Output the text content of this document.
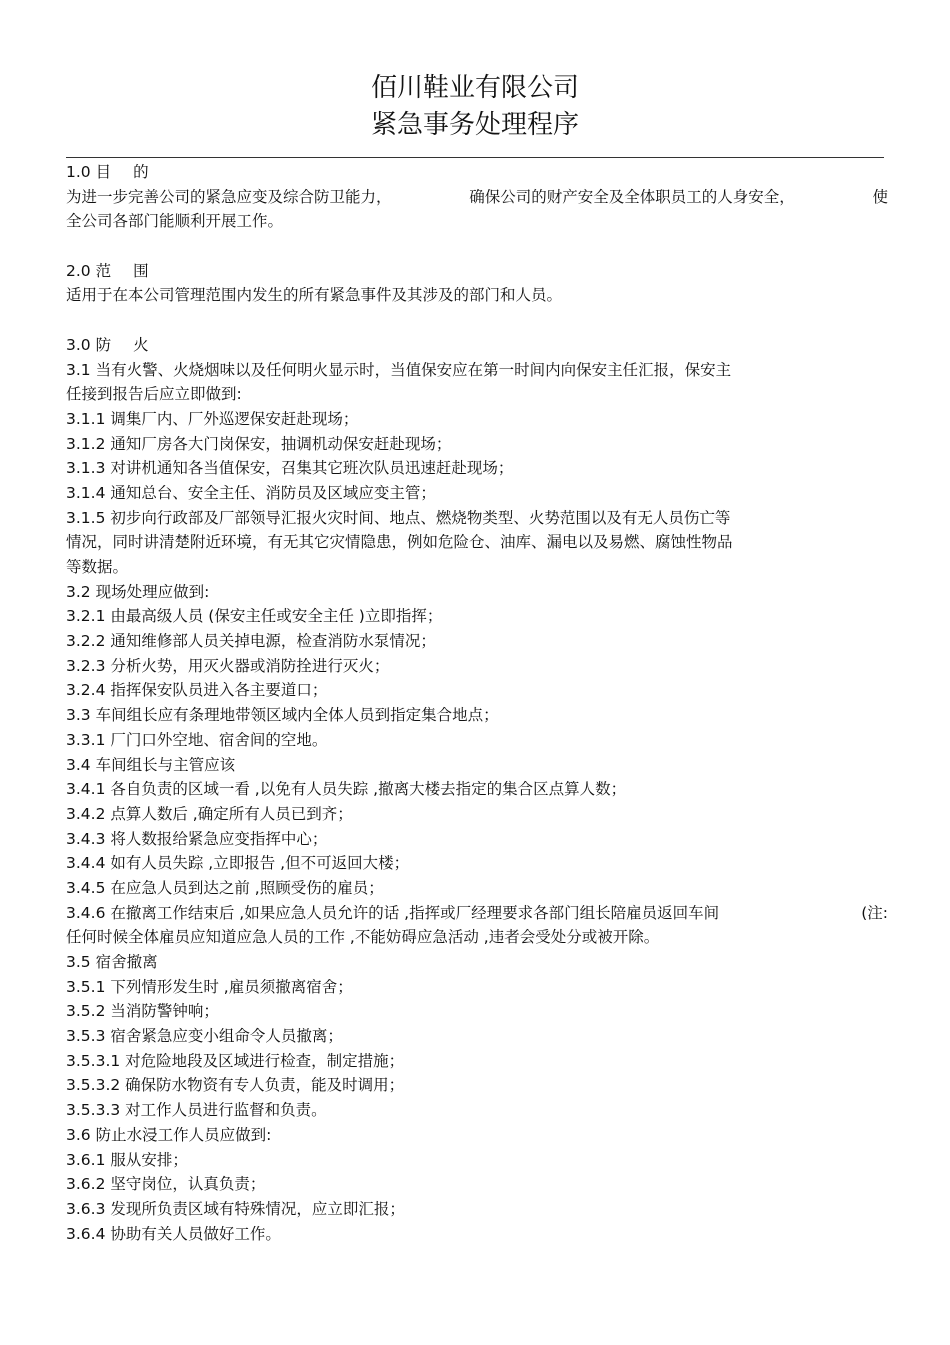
佰川鞋业有限公司
紧急事务处理程序
1.0 目 的
为进一步完善公司的紧急应变及综合防卫能力，	确保公司的财产安全及全体职员工的人身安全，	使
全公司各部门能顺利开展工作。
2.0 范 围
适用于在本公司管理范围内发生的所有紧急事件及其涉及的部门和人员。
3.0 防 火
3.1 当有火警、火烧烟味以及任何明火显示时，当值保安应在第一时间内向保安主任汇报，保安主
任接到报告后应立即做到:
3.1.1 调集厂内、厂外巡逻保安赶赴现场；
3.1.2 通知厂房各大门岗保安，抽调机动保安赶赴现场；
3.1.3 对讲机通知各当值保安，召集其它班次队员迅速赶赴现场；
3.1.4 通知总台、安全主任、消防员及区域应变主管；
3.1.5 初步向行政部及厂部领导汇报火灾时间、地点、燃烧物类型、火势范围以及有无人员伤亡等
情况，同时讲清楚附近环境，有无其它灾情隐患，例如危险仓、油库、漏电以及易燃、腐蚀性物品
等数据。
3.2 现场处理应做到:
3.2.1 由最高级人员 (保安主任或安全主任 )立即指挥；
3.2.2 通知维修部人员关掉电源，检查消防水泵情况；
3.2.3 分析火势，用灭火器或消防拴进行灭火；
3.2.4 指挥保安队员进入各主要道口；
3.3 车间组长应有条理地带领区域内全体人员到指定集合地点；
3.3.1 厂门口外空地、宿舍间的空地。
3.4 车间组长与主管应该
3.4.1 各自负责的区域一看 ,以免有人员失踪 ,撤离大楼去指定的集合区点算人数；
3.4.2 点算人数后 ,确定所有人员已到齐；
3.4.3 将人数报给紧急应变指挥中心；
3.4.4 如有人员失踪 ,立即报告 ,但不可返回大楼；
3.4.5 在应急人员到达之前 ,照顾受伤的雇员；
3.4.6 在撤离工作结束后 ,如果应急人员允许的话 ,指挥或厂经理要求各部门组长陪雇员返回车间	(注:
任何时候全体雇员应知道应急人员的工作 ,不能妨碍应急活动 ,违者会受处分或被开除。
3.5 宿舍撤离
3.5.1 下列情形发生时 ,雇员须撤离宿舍；
3.5.2 当消防警钟响；
3.5.3 宿舍紧急应变小组命令人员撤离；
3.5.3.1 对危险地段及区域进行检查，制定措施；
3.5.3.2 确保防水物资有专人负责，能及时调用；
3.5.3.3 对工作人员进行监督和负责。
3.6 防止水浸工作人员应做到:
3.6.1 服从安排；
3.6.2 坚守岗位，认真负责；
3.6.3 发现所负责区域有特殊情况，应立即汇报；
3.6.4 协助有关人员做好工作。
